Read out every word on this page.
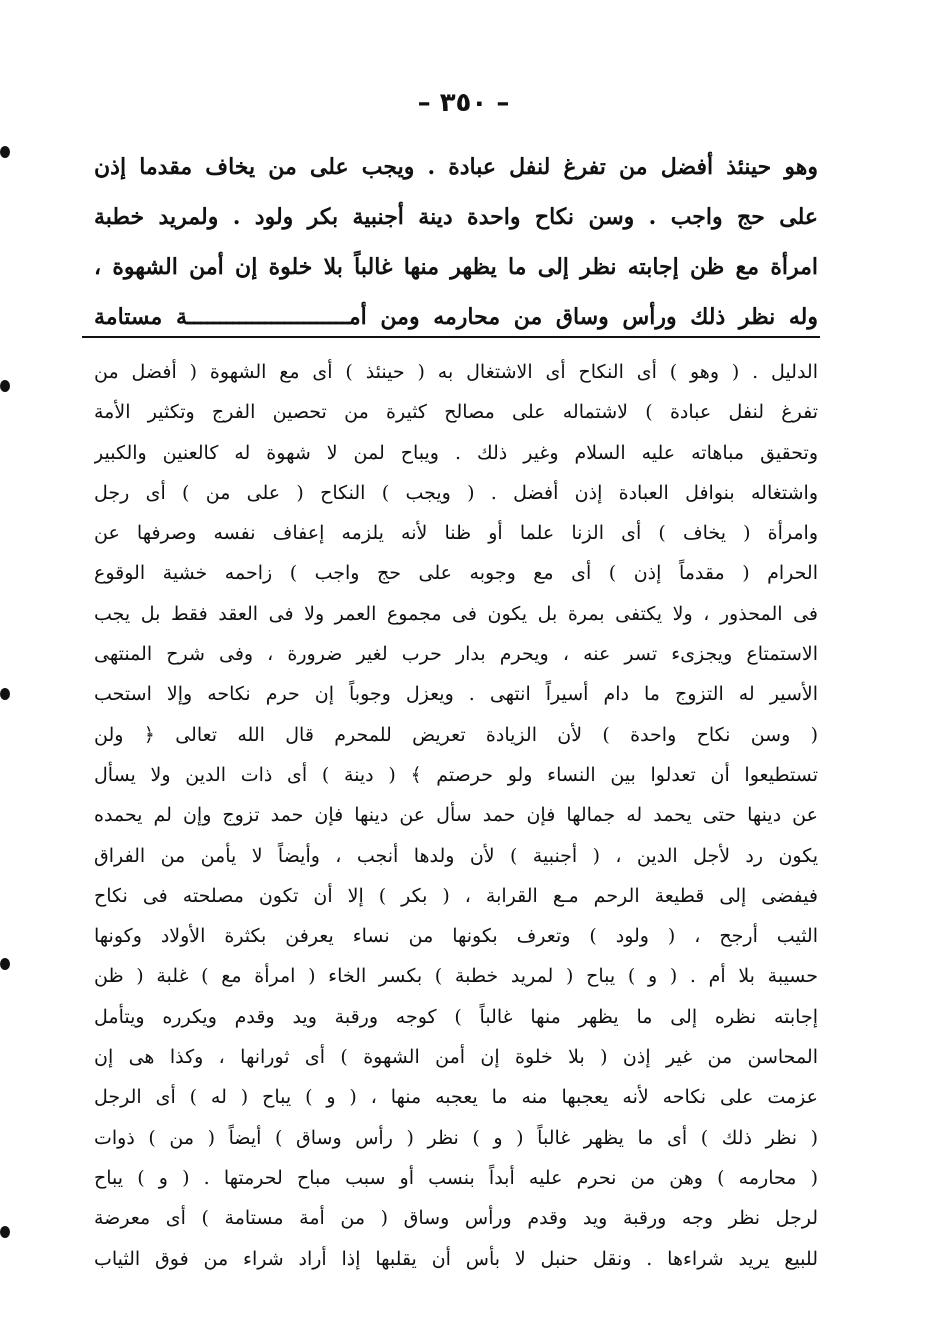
– ٣٥٠ –
وهو حينئذ أفضل من تفرغ لنفل عبادة . ويجب على من يخاف مقدما إذن
على حج واجب . وسن نكاح واحدة دينة أجنبية بكر ولود . ولمريد خطبة
امرأة مع ظن إجابته نظر إلى ما يظهر منها غالباً بلا خلوة إن أمن الشهوة ،
وله نظر ذلك ورأس وساق من محارمه ومن أمـــــــــــــــــــــــــة مستامة
الدليل . ( وهو ) أى النكاح أى الاشتغال به ( حينئذ ) أى مع الشهوة ( أفضل من
تفرغ لنفل عبادة ) لاشتماله على مصالح كثيرة من تحصين الفرج وتكثير الأمة
وتحقيق مباهاته عليه السلام وغير ذلك . ويباح لمن لا شهوة له كالعنين والكبير
واشتغاله بنوافل العبادة إذن أفضل . ( ويجب ) النكاح ( على من ) أى رجل
وامرأة ( يخاف ) أى الزنا علما أو ظنا لأنه يلزمه إعفاف نفسه وصرفها عن
الحرام ( مقدماً إذن ) أى مع وجوبه على حج واجب ) زاحمه خشية الوقوع
فى المحذور ، ولا يكتفى بمرة بل يكون فى مجموع العمر ولا فى العقد فقط بل يجب
الاستمتاع ويجزىء تسر عنه ، ويحرم بدار حرب لغير ضرورة ، وفى شرح المنتهى
الأسير له التزوج ما دام أسيراً انتهى . ويعزل وجوباً إن حرم نكاحه وإلا استحب
( وسن نكاح واحدة ) لأن الزيادة تعريض للمحرم قال الله تعالى ﴿ ولن
تستطيعوا أن تعدلوا بين النساء ولو حرصتم ﴾ ( دينة ) أى ذات الدين ولا يسأل
عن دينها حتى يحمد له جمالها فإن حمد سأل عن دينها فإن حمد تزوج وإن لم يحمده
يكون رد لأجل الدين ، ( أجنبية ) لأن ولدها أنجب ، وأيضاً لا يأمن من الفراق
فيفضى إلى قطيعة الرحم مـع القرابة ، ( بكر ) إلا أن تكون مصلحته فى نكاح
الثيب أرجح ، ( ولود ) وتعرف بكونها من نساء يعرفن بكثرة الأولاد وكونها
حسيبة بلا أم . ( و ) يباح ( لمريد خطبة ) بكسر الخاء ( امرأة مع ) غلبة ( ظن
إجابته نظره إلى ما يظهر منها غالباً ) كوجه ورقبة ويد وقدم ويكرره ويتأمل
المحاسن من غير إذن ( بلا خلوة إن أمن الشهوة ) أى ثورانها ، وكذا هى إن
عزمت على نكاحه لأنه يعجبها منه ما يعجبه منها ، ( و ) يباح ( له ) أى الرجل
( نظر ذلك ) أى ما يظهر غالباً ( و ) نظر ( رأس وساق ) أيضاً ( من ) ذوات
( محارمه ) وهن من نحرم عليه أبداً بنسب أو سبب مباح لحرمتها . ( و ) يباح
لرجل نظر وجه ورقبة ويد وقدم ورأس وساق ( من أمة مستامة ) أى معرضة
للبيع يريد شراءها . ونقل حنبل لا بأس أن يقلبها إذا أراد شراء من فوق الثياب
